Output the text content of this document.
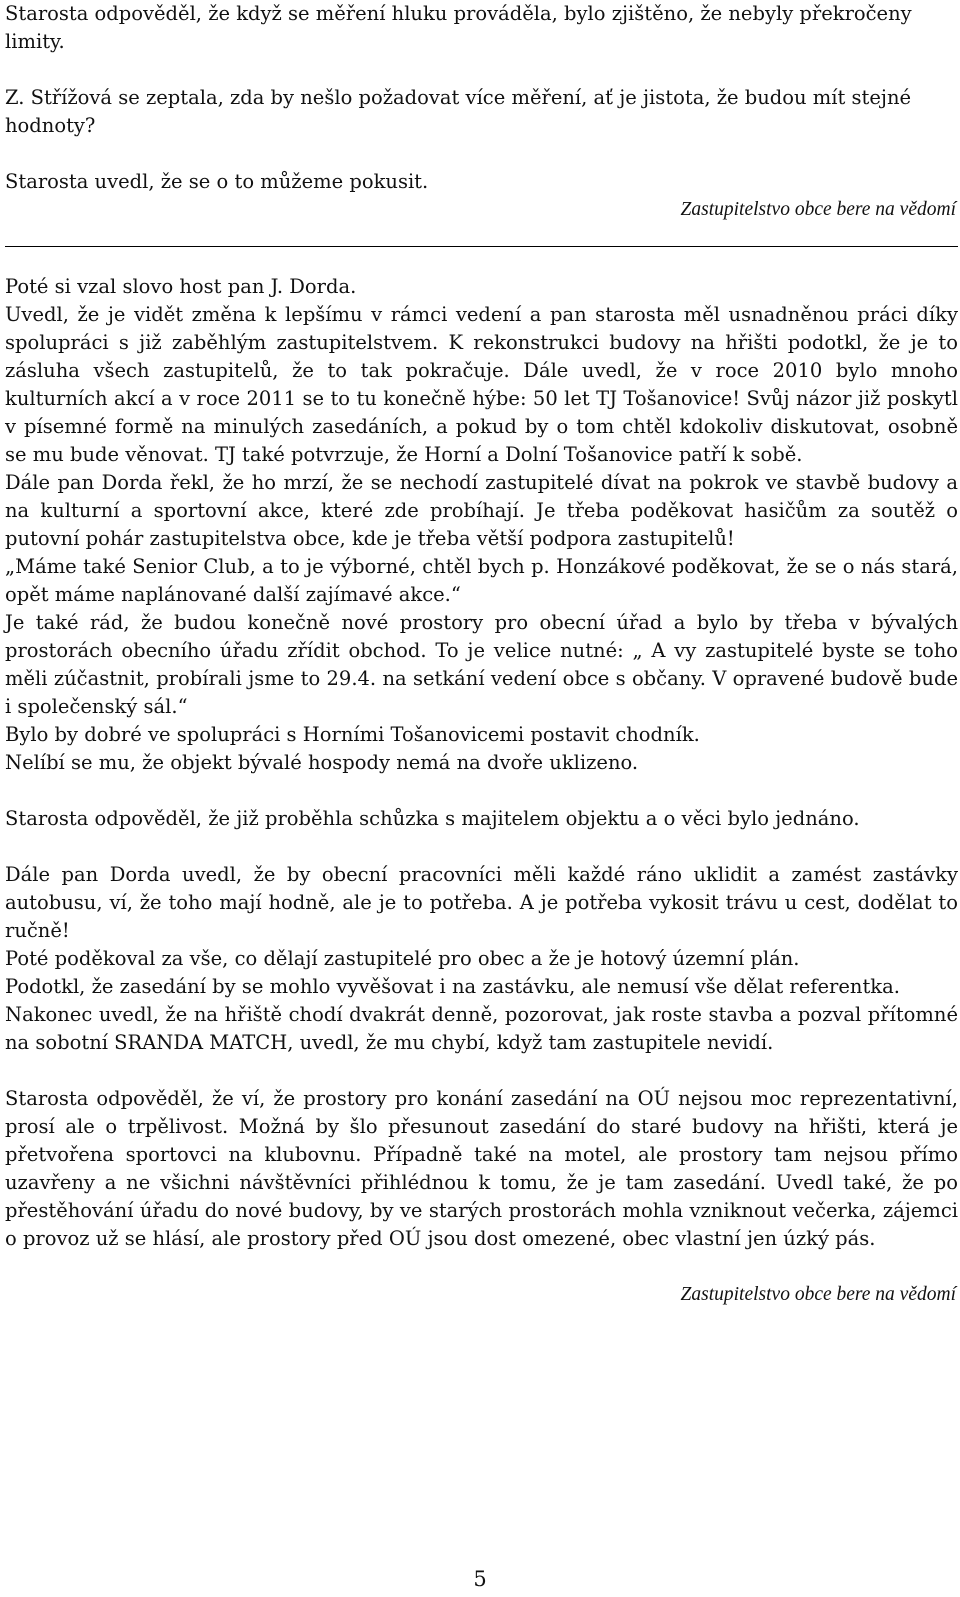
Starosta odpověděl, že když se měření hluku prováděla, bylo zjištěno, že nebyly překročeny limity.

Z. Střížová se zeptala, zda by nešlo požadovat více měření, ať je jistota, že budou mít stejné hodnoty?

Starosta uvedl, že se o to můžeme pokusit.

Zastupitelstvo obce bere na vědomí

Poté si vzal slovo host pan J. Dorda.

Uvedl, že je vidět změna k lepšímu v rámci vedení a pan starosta měl usnadněnou práci díky spolupráci s již zaběhlým zastupitelstvem. K rekonstrukci budovy na hřišti podotkl, že je to zásluha všech zastupitelů, že to tak pokračuje. Dále uvedl, že v roce 2010 bylo mnoho kulturních akcí a v roce 2011 se to tu konečně hýbe: 50 let TJ Tošanovice! Svůj názor již poskytl v písemné formě na minulých zasedáních, a pokud by o tom chtěl kdokoliv diskutovat, osobně se mu bude věnovat. TJ také potvrzuje, že Horní a Dolní Tošanovice patří k sobě.

Dále pan Dorda řekl, že ho mrzí, že se nechodí zastupitelé dívat na pokrok ve stavbě budovy a na kulturní a sportovní akce, které zde probíhají. Je třeba poděkovat hasičům za soutěž o putovní pohár zastupitelstva obce, kde je třeba větší podpora zastupitelů!

„Máme také Senior Club, a to je výborné, chtěl bych p. Honzákové poděkovat, že se o nás stará, opět máme naplánované další zajímavé akce.“

Je také rád, že budou konečně nové prostory pro obecní úřad a bylo by třeba v bývalých prostorách obecního úřadu zřídit obchod. To je velice nutné: „ A vy zastupitelé byste se toho měli zúčastnit, probírali jsme to 29.4. na setkání vedení obce s občany. V opravené budově bude i společenský sál.“

Bylo by dobré ve spolupráci s Horními Tošanovicemi postavit chodník.

Nelíbí se mu, že objekt bývalé hospody nemá na dvoře uklizeno.

Starosta odpověděl, že již proběhla schůzka s majitelem objektu a o věci bylo jednáno.

Dále pan Dorda uvedl, že by obecní pracovníci měli každé ráno uklidit a zamést zastávky autobusu, ví, že toho mají hodně, ale je to potřeba. A je potřeba vykosit trávu u cest, dodělat to ručně!

Poté poděkoval za vše, co dělají zastupitelé pro obec a že je hotový územní plán.

Podotkl, že zasedání by se mohlo vyvěšovat i na zastávku, ale nemusí vše dělat referentka.

Nakonec uvedl, že na hřiště chodí dvakrát denně, pozorovat, jak roste stavba a pozval přítomné na sobotní SRANDA MATCH, uvedl, že mu chybí, když tam zastupitele nevidí.

Starosta odpověděl, že ví, že prostory pro konání zasedání na OÚ nejsou moc reprezentativní, prosí ale o trpělivost. Možná by šlo přesunout zasedání do staré budovy na hřišti, která je přetvořena sportovci na klubovnu. Případně také na motel, ale prostory tam nejsou přímo uzavřeny a ne všichni návštěvníci přihlédnou k tomu, že je tam zasedání. Uvedl také, že po přestěhování úřadu do nové budovy, by ve starých prostorách mohla vzniknout večerka, zájemci o provoz už se hlásí, ale prostory před OÚ jsou dost omezené, obec vlastní jen úzký pás.

Zastupitelstvo obce bere na vědomí

5
